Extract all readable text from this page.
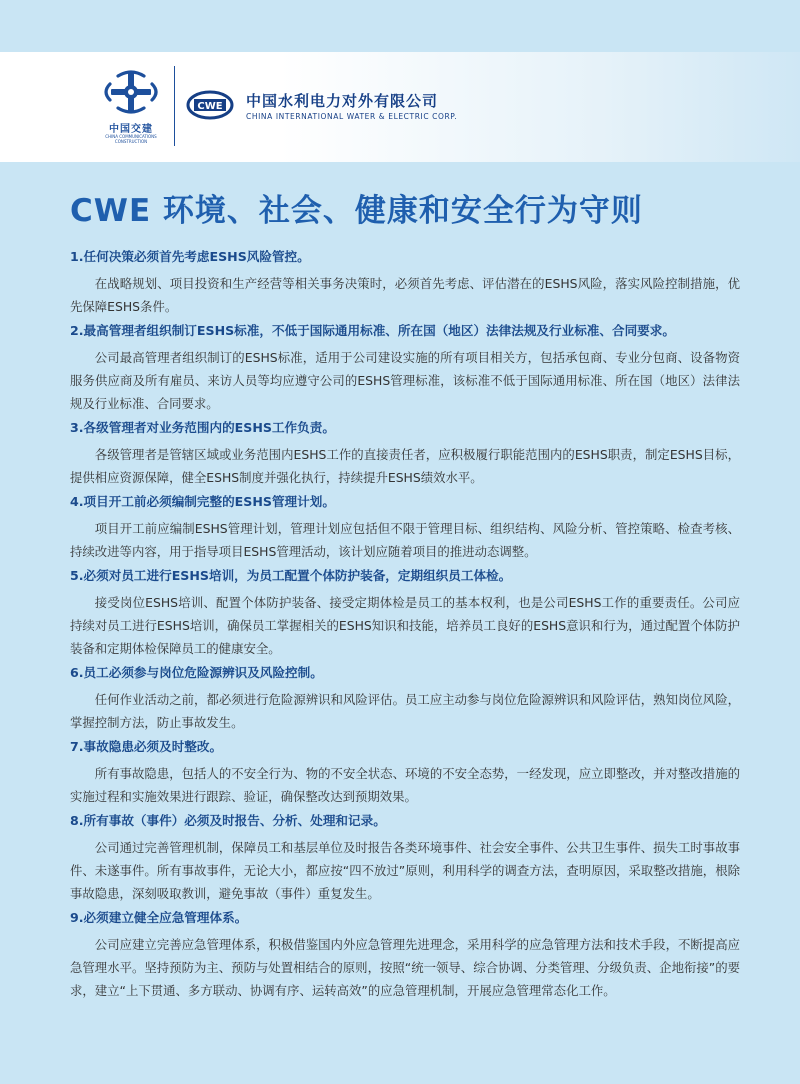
中国交建
CHINA COMMUNICATIONS CONSTRUCTION
CWE 中国水利电力对外有限公司
CHINA INTERNATIONAL WATER & ELECTRIC CORP.
CWE 环境、社会、健康和安全行为守则
1.任何决策必须首先考虑ESHS风险管控。
在战略规划、项目投资和生产经营等相关事务决策时，必须首先考虑、评估潜在的ESHS风险，落实风险控制措施，优先保障ESHS条件。
2.最高管理者组织制订ESHS标准，不低于国际通用标准、所在国（地区）法律法规及行业标准、合同要求。
公司最高管理者组织制订的ESHS标准，适用于公司建设实施的所有项目相关方，包括承包商、专业分包商、设备物资服务供应商及所有雇员、来访人员等均应遵守公司的ESHS管理标准，该标准不低于国际通用标准、所在国（地区）法律法规及行业标准、合同要求。
3.各级管理者对业务范围内的ESHS工作负责。
各级管理者是管辖区域或业务范围内ESHS工作的直接责任者，应积极履行职能范围内的ESHS职责，制定ESHS目标，提供相应资源保障，健全ESHS制度并强化执行，持续提升ESHS绩效水平。
4.项目开工前必须编制完整的ESHS管理计划。
项目开工前应编制ESHS管理计划，管理计划应包括但不限于管理目标、组织结构、风险分析、管控策略、检查考核、持续改进等内容，用于指导项目ESHS管理活动，该计划应随着项目的推进动态调整。
5.必须对员工进行ESHS培训，为员工配置个体防护装备，定期组织员工体检。
接受岗位ESHS培训、配置个体防护装备、接受定期体检是员工的基本权利，也是公司ESHS工作的重要责任。公司应持续对员工进行ESHS培训，确保员工掌握相关的ESHS知识和技能，培养员工良好的ESHS意识和行为，通过配置个体防护装备和定期体检保障员工的健康安全。
6.员工必须参与岗位危险源辨识及风险控制。
任何作业活动之前，都必须进行危险源辨识和风险评估。员工应主动参与岗位危险源辨识和风险评估，熟知岗位风险，掌握控制方法，防止事故发生。
7.事故隐患必须及时整改。
所有事故隐患，包括人的不安全行为、物的不安全状态、环境的不安全态势，一经发现，应立即整改，并对整改措施的实施过程和实施效果进行跟踪、验证，确保整改达到预期效果。
8.所有事故（事件）必须及时报告、分析、处理和记录。
公司通过完善管理机制，保障员工和基层单位及时报告各类环境事件、社会安全事件、公共卫生事件、损失工时事故事件、未遂事件。所有事故事件，无论大小，都应按“四不放过”原则，利用科学的调查方法，查明原因，采取整改措施，根除事故隐患，深刻吸取教训，避免事故（事件）重复发生。
9.必须建立健全应急管理体系。
公司应建立完善应急管理体系，积极借鉴国内外应急管理先进理念，采用科学的应急管理方法和技术手段，不断提高应急管理水平。坚持预防为主、预防与处置相结合的原则，按照“统一领导、综合协调、分类管理、分级负责、企地衔接”的要求，建立“上下贯通、多方联动、协调有序、运转高效”的应急管理机制，开展应急管理常态化工作。
